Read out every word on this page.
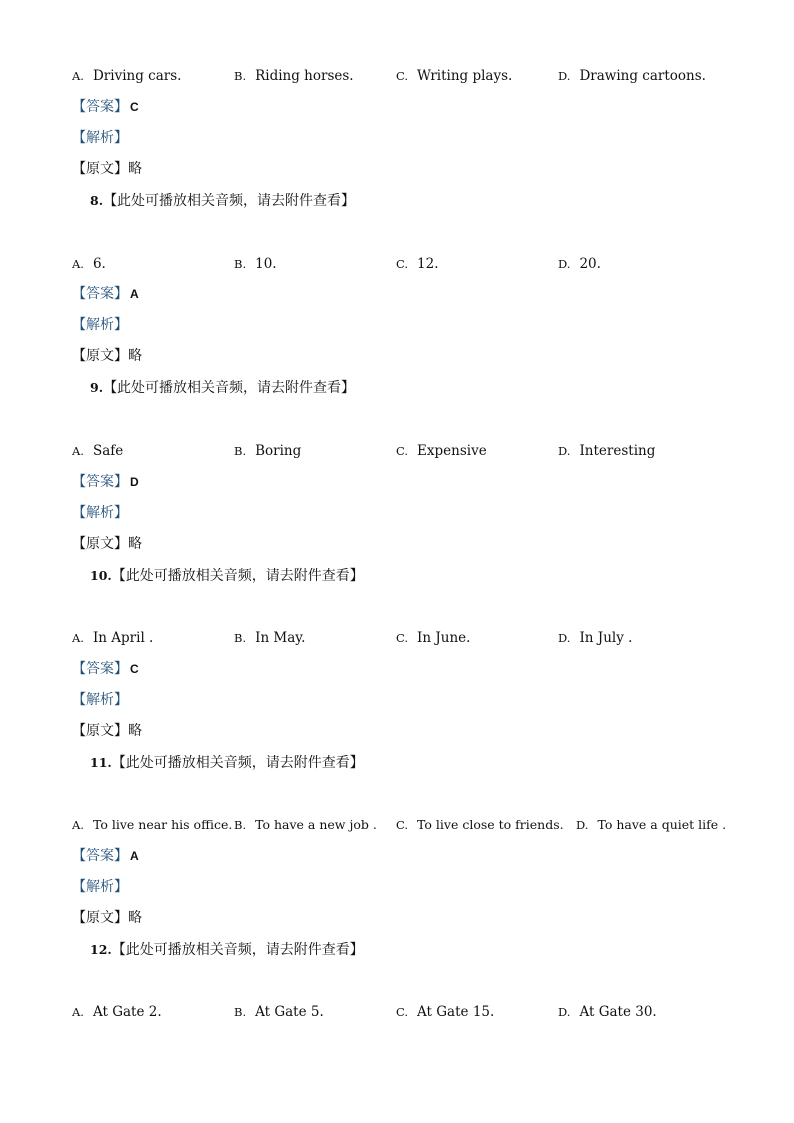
A. Driving cars.	B. Riding horses.	C. Writing plays.	D. Drawing cartoons.
【答案】 C
【解析】
【原文】略
8.【此处可播放相关音频，请去附件查看】
A. 6.	B. 10.	C. 12.	D. 20.
【答案】 A
【解析】
【原文】略
9.【此处可播放相关音频，请去附件查看】
A. Safe	B. Boring	C. Expensive	D. Interesting
【答案】 D
【解析】
【原文】略
10.【此处可播放相关音频，请去附件查看】
A. In April .	B. In May.	C. In June.	D. In July .
【答案】 C
【解析】
【原文】略
11.【此处可播放相关音频，请去附件查看】
A. To live near his office. B. To have a new job . C. To live close to friends. D. To have a quiet life .
【答案】 A
【解析】
【原文】略
12.【此处可播放相关音频，请去附件查看】
A. At Gate 2.	B. At Gate 5.	C. At Gate 15.	D. At Gate 30.
